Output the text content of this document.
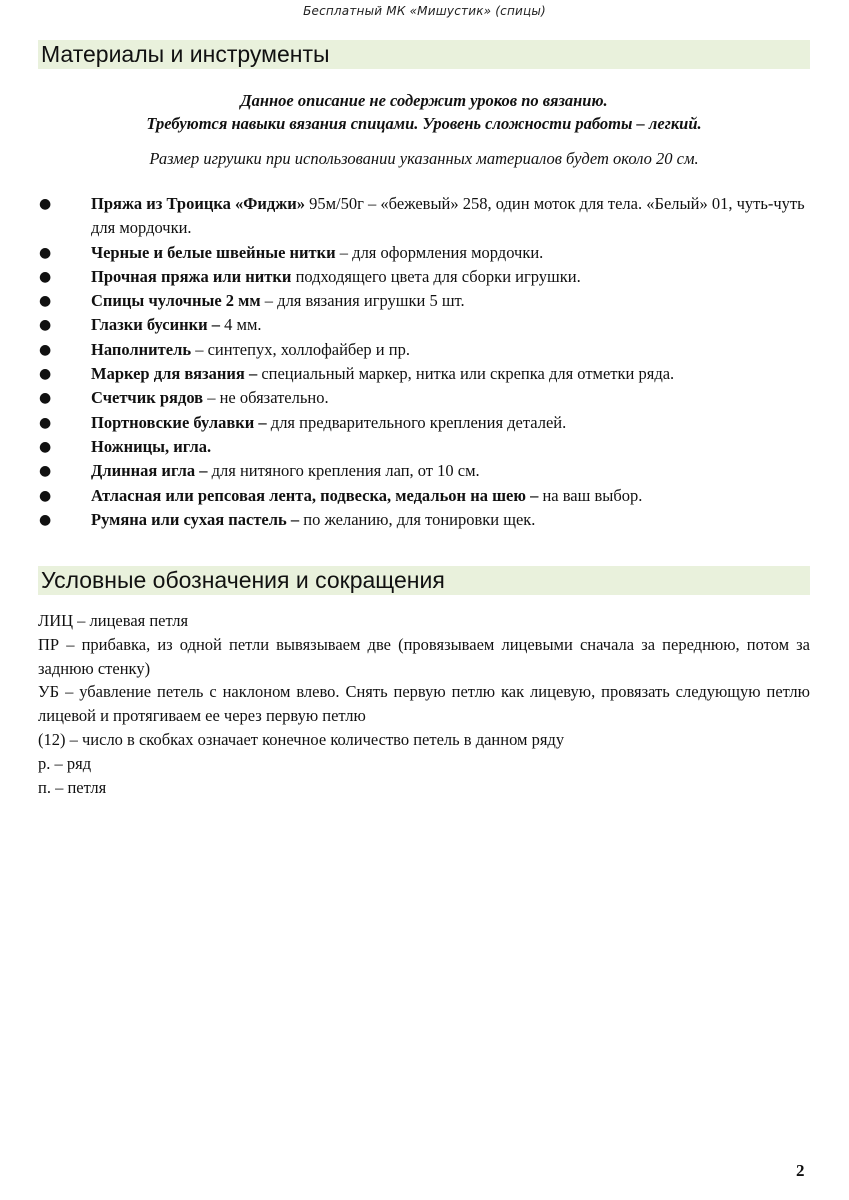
Бесплатный МК «Мишустик» (спицы)
Материалы и инструменты
Данное описание не содержит уроков по вязанию.
Требуются навыки вязания спицами. Уровень сложности работы – легкий.
Размер игрушки при использовании указанных материалов будет около 20 см.
● Пряжа из Троицка «Фиджи» 95м/50г – «бежевый» 258, один моток для тела. «Белый» 01, чуть-чуть для мордочки.
● Черные и белые швейные нитки – для оформления мордочки.
● Прочная пряжа или нитки подходящего цвета для сборки игрушки.
● Спицы чулочные 2 мм – для вязания игрушки 5 шт.
● Глазки бусинки – 4 мм.
● Наполнитель – синтепух, холлофайбер и пр.
● Маркер для вязания – специальный маркер, нитка или скрепка для отметки ряда.
● Счетчик рядов – не обязательно.
● Портновские булавки – для предварительного крепления деталей.
● Ножницы, игла.
● Длинная игла – для нитяного крепления лап, от 10 см.
● Атласная или репсовая лента, подвеска, медальон на шею – на ваш выбор.
● Румяна или сухая пастель – по желанию, для тонировки щек.
Условные обозначения и сокращения

ЛИЦ – лицевая петля

ПР – прибавка, из одной петли вывязываем две (провязываем лицевыми сначала за переднюю, потом за заднюю стенку)

УБ – убавление петель с наклоном влево. Снять первую петлю как лицевую, провязать следующую петлю лицевой и протягиваем ее через первую петлю

(12) – число в скобках означает конечное количество петель в данном ряду

р. – ряд

п. – петля

2
